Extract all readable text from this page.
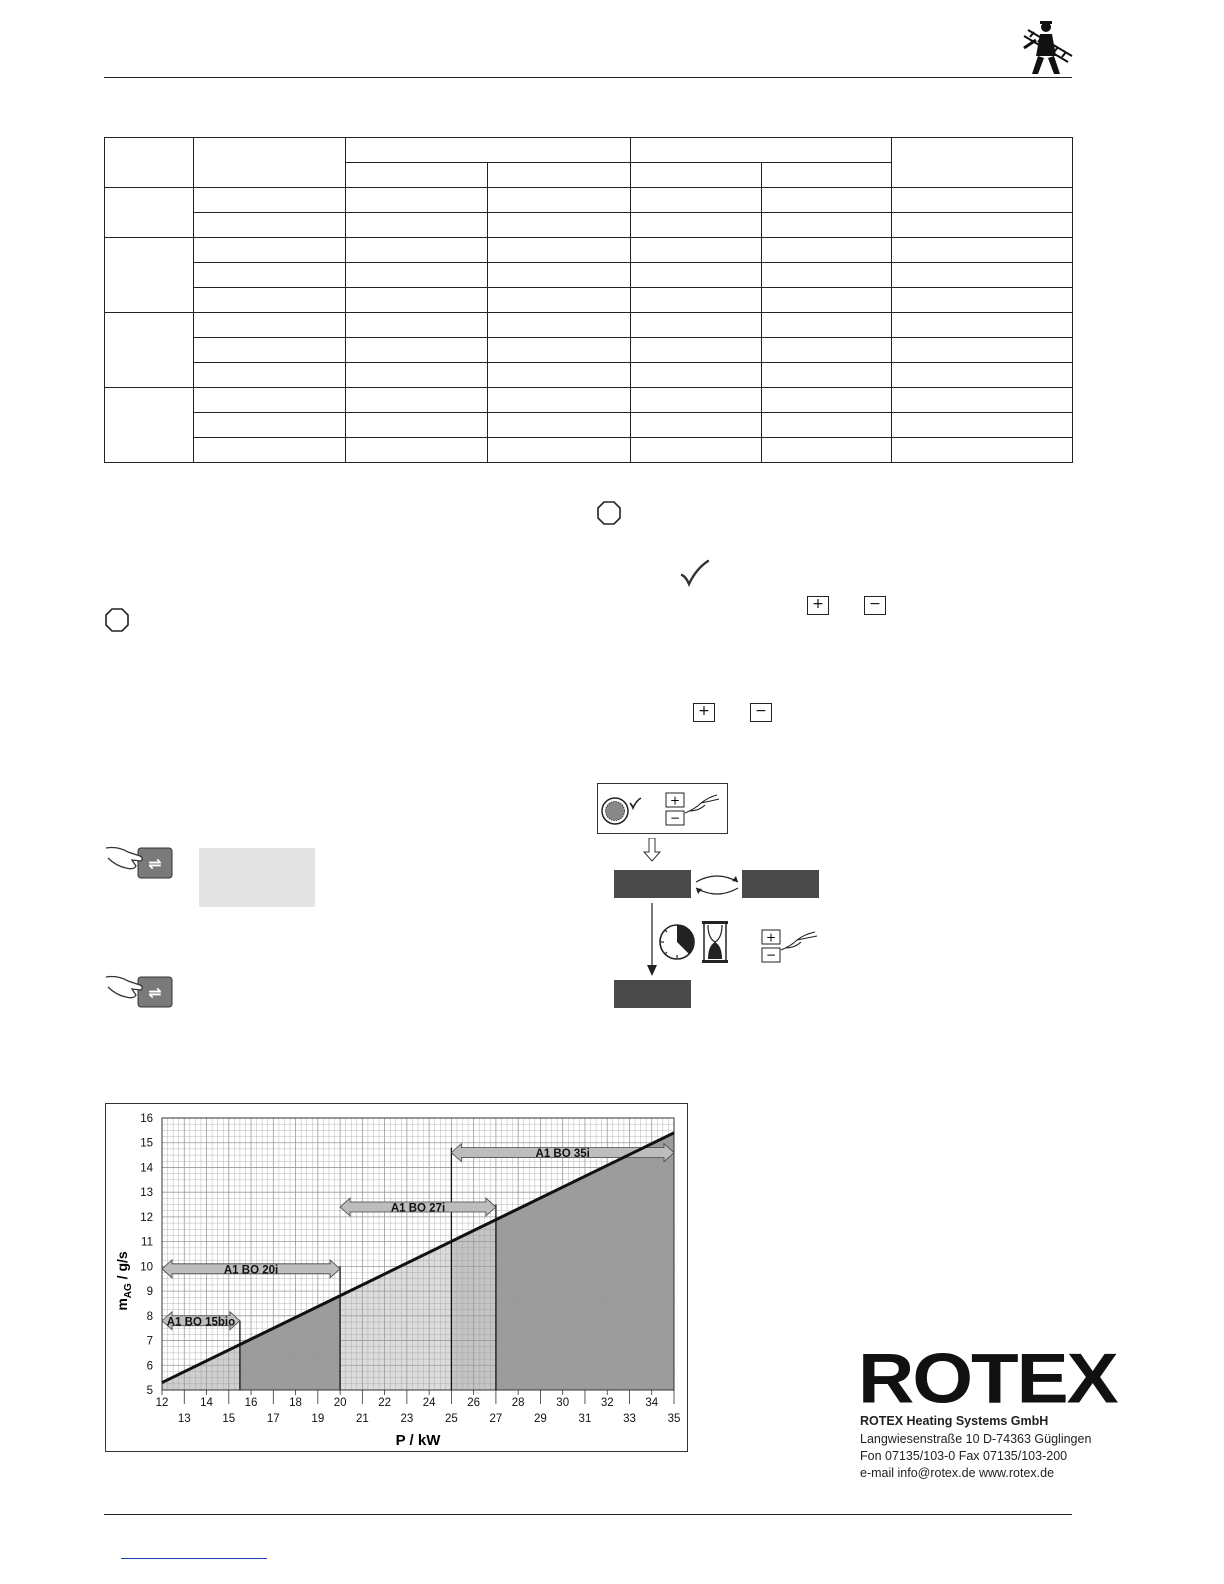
+	−
+	−
⇌
⇌
+
−
+
−
12
13
14
15
16
17
18
19
20
21
22
23
24
25
26
27
28
29
30
31
32
33
34
35
5
6
7
8
9
10
11
12
13
14
15
16
A1 BO 15bio
A1 BO 20i
A1 BO 27i
A1 BO 35i
P / kW
$m_{AG} / g/s$
ROTEX
ROTEX Heating Systems GmbH
Langwiesenstraße 10 D-74363 Güglingen
Fon 07135/103-0 Fax 07135/103-200
e-mail info@rotex.de www.rotex.de
